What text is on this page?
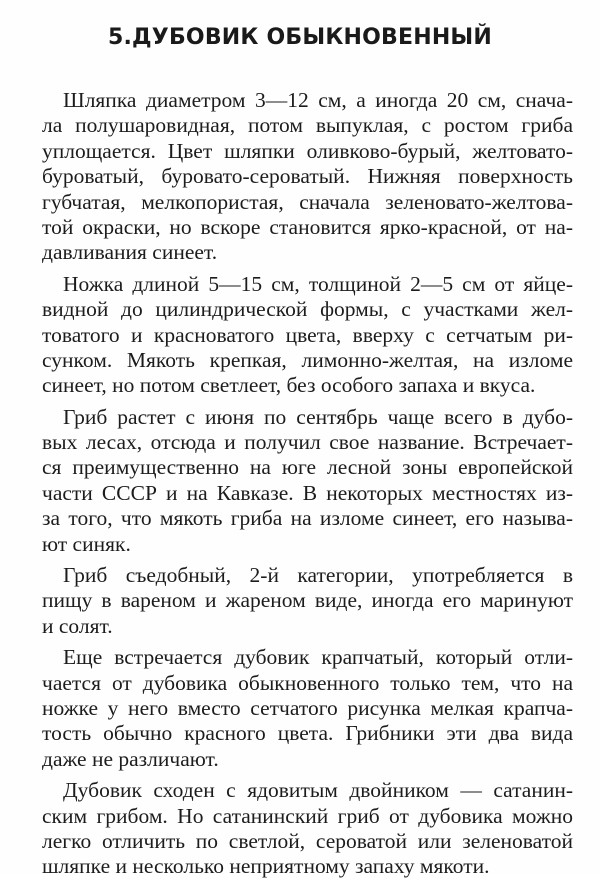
5.ДУБОВИК ОБЫКНОВЕННЫЙ
Шляпка диаметром 3—12 см, а иногда 20 см, снача-
ла полушаровидная, потом выпуклая, с ростом гриба
уплощается. Цвет шляпки оливково-бурый, желтовато-
буроватый, буровато-сероватый. Нижняя поверхность
губчатая, мелкопористая, сначала зеленовато-желтова-
той окраски, но вскоре становится ярко-красной, от на-
давливания синеет.
Ножка длиной 5—15 см, толщиной 2—5 см от яйце-
видной до цилиндрической формы, с участками жел-
товатого и красноватого цвета, вверху с сетчатым ри-
сунком. Мякоть крепкая, лимонно-желтая, на изломе
синеет, но потом светлеет, без особого запаха и вкуса.
Гриб растет с июня по сентябрь чаще всего в дубо-
вых лесах, отсюда и получил свое название. Встречает-
ся преимущественно на юге лесной зоны европейской
части СССР и на Кавказе. В некоторых местностях из-
за того, что мякоть гриба на изломе синеет, его называ-
ют синяк.
Гриб съедобный, 2-й категории, употребляется в
пищу в вареном и жареном виде, иногда его маринуют
и солят.
Еще встречается дубовик крапчатый, который отли-
чается от дубовика обыкновенного только тем, что на
ножке у него вместо сетчатого рисунка мелкая крапча-
тость обычно красного цвета. Грибники эти два вида
даже не различают.
Дубовик сходен с ядовитым двойником — сатанин-
ским грибом. Но сатанинский гриб от дубовика можно
легко отличить по светлой, сероватой или зеленоватой
шляпке и несколько неприятному запаху мякоти.
